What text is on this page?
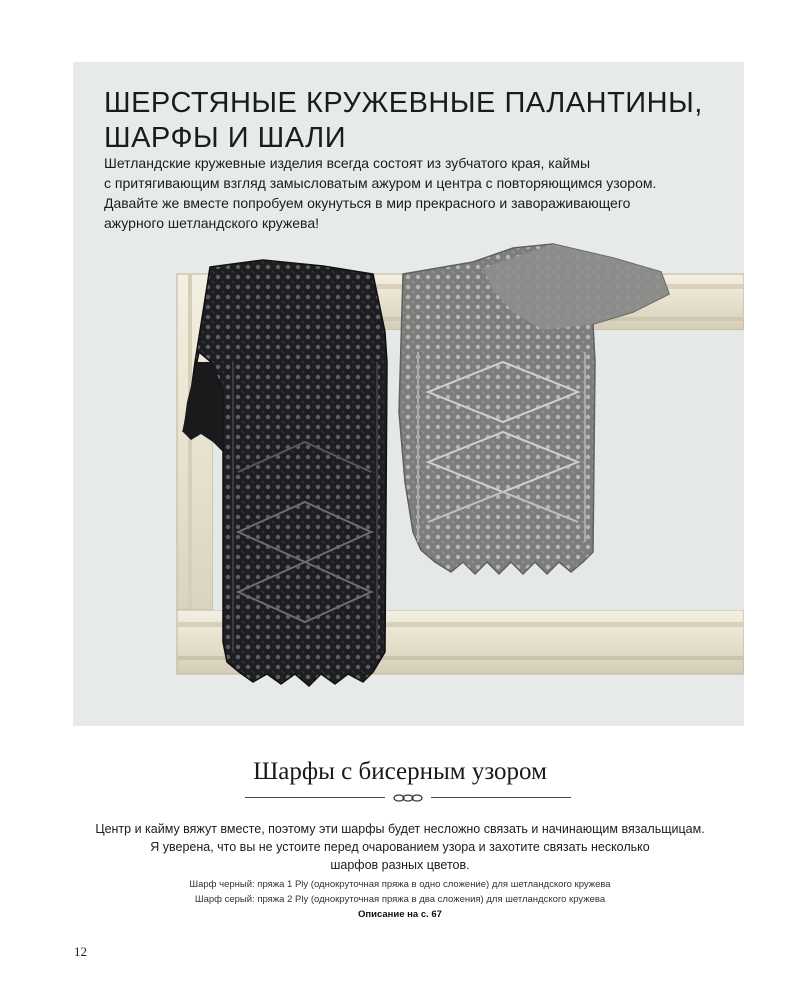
ШЕРСТЯНЫЕ КРУЖЕВНЫЕ ПАЛАНТИНЫ,
ШАРФЫ И ШАЛИ
Шетландские кружевные изделия всегда состоят из зубчатого края, каймы
с притягивающим взгляд замысловатым ажуром и центра с повторяющимся узором.
Давайте же вместе попробуем окунуться в мир прекрасного и завораживающего
ажурного шетландского кружева!
Шарфы с бисерным узором
Центр и кайму вяжут вместе, поэтому эти шарфы будет несложно связать и начинающим вязальщицам.
Я уверена, что вы не устоите перед очарованием узора и захотите связать несколько
шарфов разных цветов.
Шарф черный: пряжа 1 Ply (однокруточная пряжа в одно сложение) для шетландского кружева
Шарф серый: пряжа 2 Ply (однокруточная пряжа в два сложения) для шетландского кружева
Описание на с. 67
12
